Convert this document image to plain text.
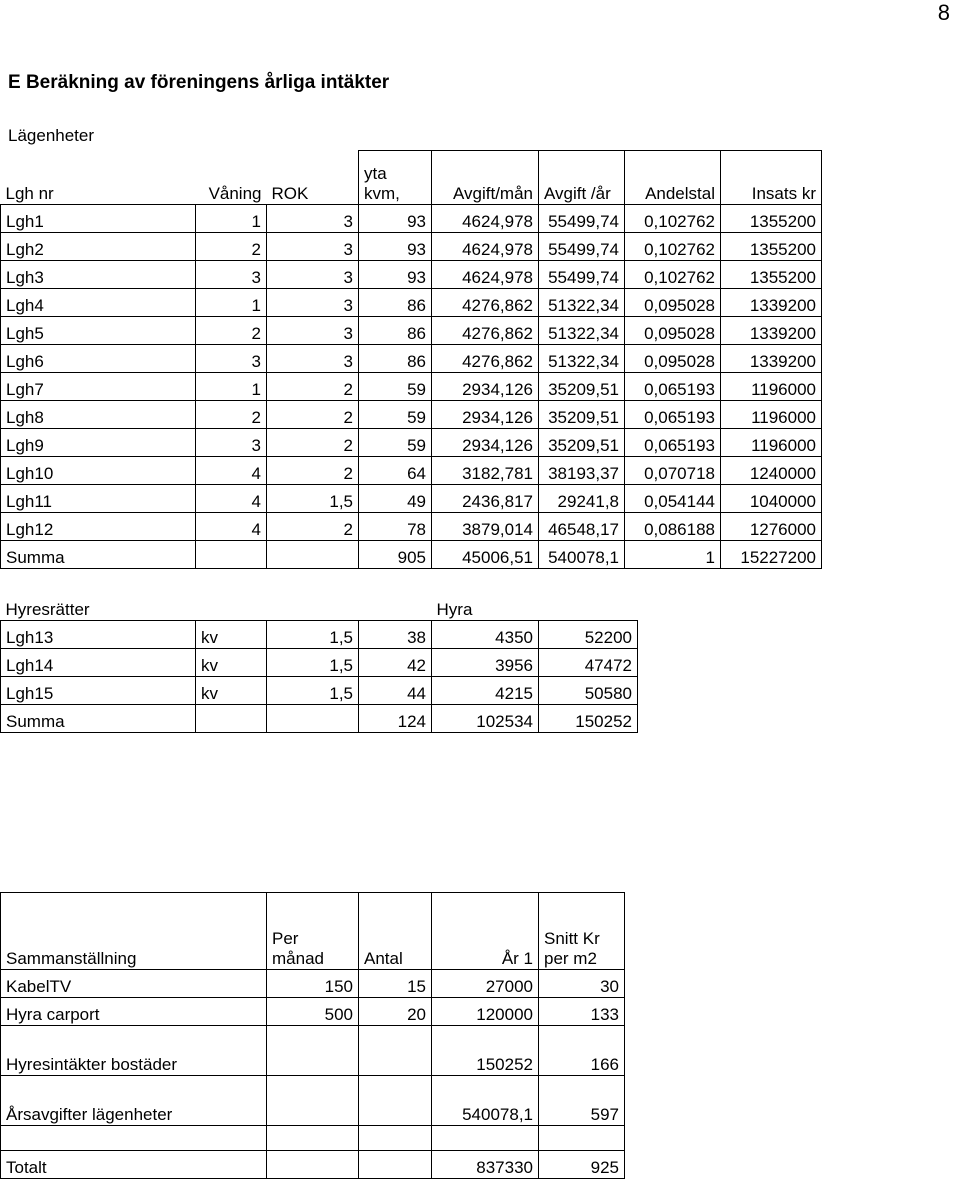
8
E Beräkning av föreningens årliga intäkter
Lägenheter
Lgh nr	Våning	ROK	yta kvm,	Avgift/mån	Avgift /år	Andelstal	Insats kr
Lgh1	1	3	93	4624,978	55499,74	0,102762	1355200
Lgh2	2	3	93	4624,978	55499,74	0,102762	1355200
Lgh3	3	3	93	4624,978	55499,74	0,102762	1355200
Lgh4	1	3	86	4276,862	51322,34	0,095028	1339200
Lgh5	2	3	86	4276,862	51322,34	0,095028	1339200
Lgh6	3	3	86	4276,862	51322,34	0,095028	1339200
Lgh7	1	2	59	2934,126	35209,51	0,065193	1196000
Lgh8	2	2	59	2934,126	35209,51	0,065193	1196000
Lgh9	3	2	59	2934,126	35209,51	0,065193	1196000
Lgh10	4	2	64	3182,781	38193,37	0,070718	1240000
Lgh11	4	1,5	49	2436,817	29241,8	0,054144	1040000
Lgh12	4	2	78	3879,014	46548,17	0,086188	1276000
Summa			905	45006,51	540078,1	1	15227200
Hyresrätter				Hyra	
Lgh13	kv	1,5	38	4350	52200
Lgh14	kv	1,5	42	3956	47472
Lgh15	kv	1,5	44	4215	50580
Summa			124	102534	150252
Sammanställning	Per månad	Antal	År 1	Snitt Kr per m2
KabelTV	150	15	27000	30
Hyra carport	500	20	120000	133
Hyresintäkter bostäder			150252	166
Årsavgifter lägenheter			540078,1	597

Totalt			837330	925
